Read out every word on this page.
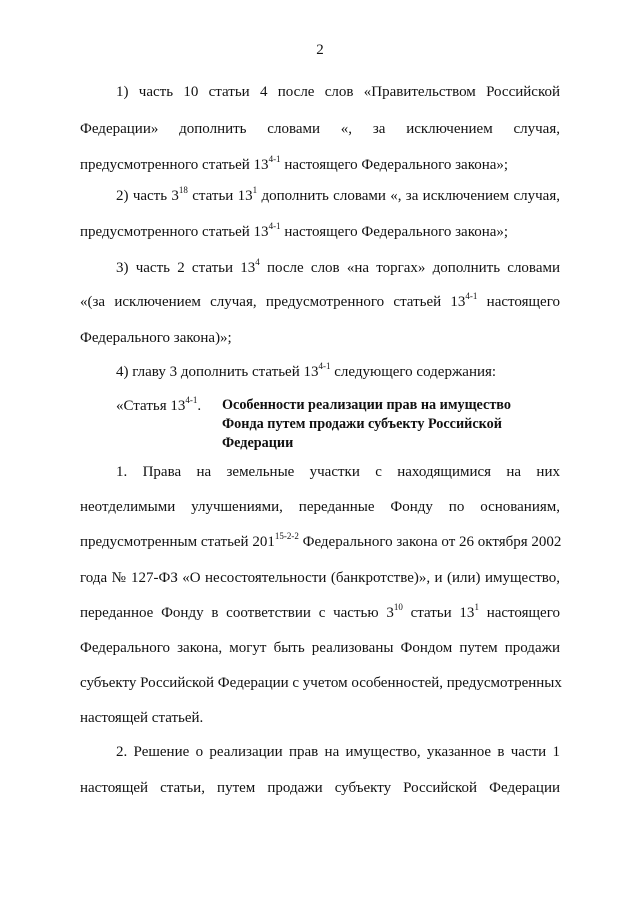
2
1) часть 10 статьи 4 после слов «Правительством Российской
Федерации» дополнить словами «, за исключением случая,
предусмотренного статьей 13$^{4-1}$ настоящего Федерального закона»;
2) часть $3^{18}$ статьи $13^1$ дополнить словами «, за исключением случая,
предусмотренного статьей 13$^{4-1}$ настоящего Федерального закона»;
3) часть 2 статьи $13^4$ после слов «на торгах» дополнить словами
«(за исключением случая, предусмотренного статьей 13$^{4-1}$ настоящего
Федерального закона)»;
4) главу 3 дополнить статьей 13$^{4-1}$ следующего содержания:
«Статья 13$^{4-1}$. Особенности реализации прав на имущество
Фонда путем продажи субъекту Российской
Федерации
1. Права на земельные участки с находящимися на них
неотделимыми улучшениями, переданные Фонду по основаниям,
предусмотренным статьей 201$^{15-2-2}$ Федерального закона от 26 октября 2002
года № 127-ФЗ «О несостоятельности (банкротстве)», и (или) имущество,
переданное Фонду в соответствии с частью $3^{10}$ статьи $13^1$ настоящего
Федерального закона, могут быть реализованы Фондом путем продажи
субъекту Российской Федерации с учетом особенностей, предусмотренных
настоящей статьей.
2. Решение о реализации прав на имущество, указанное в части 1
настоящей статьи, путем продажи субъекту Российской Федерации
